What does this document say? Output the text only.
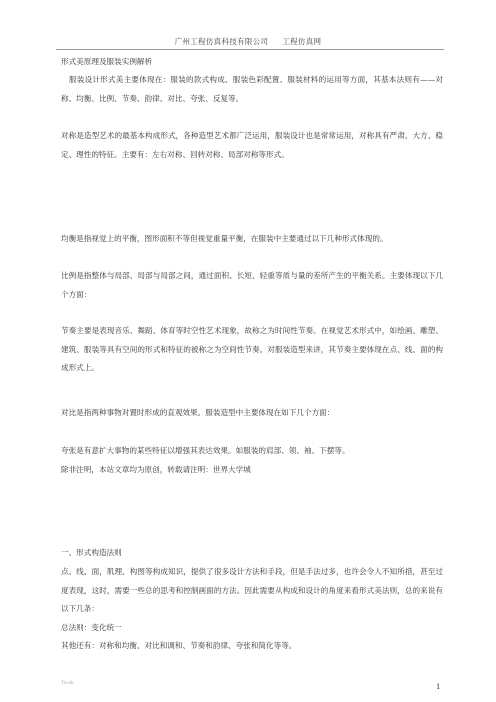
广州工程仿真科技有限公司 工程仿真网

形式美原理及服装实例解析

服装设计形式美主要体现在：服装的款式构成、服装色彩配置、服装材料的运用等方面，其基本法则有——对称、均衡、比例、节奏、韵律、对比、夸张、反复等。

对称是造型艺术的最基本构成形式，各种造型艺术都广泛运用，服装设计也是常常运用，对称具有严肃、大方、稳定、理性的特征。主要有：左右对称、回转对称、局部对称等形式。

均衡是指视觉上的平衡，图形面积不等但视觉重量平衡，在服装中主要通过以下几种形式体现的。

比例是指整体与局部、局部与局部之间，通过面积、长短、轻重等质与量的差所产生的平衡关系。主要体现以下几个方面：

节奏主要是表现音乐、舞蹈、体育等时空性艺术现象，故称之为时间性节奏。在视觉艺术形式中，如绘画、雕塑、建筑、服装等具有空间的形式和特征的被称之为空间性节奏。对服装造型来讲，其节奏主要体现在点、线、面的构成形式上。

对比是指两种事物对置时形成的直观效果。服装造型中主要体现在如下几个方面：

夸张是有意扩大事物的某些特征以增强其表达效果。如服装的肩部、领、袖、下摆等。

除非注明，本站文章均为原创，转载请注明：世界大学城

一、形式构造法则

点、线、面，肌理、构图等构成知识，提供了很多设计方法和手段，但是手法过多，也许会令人不知所措，甚至过度表现，这时，需要一些总的思考和控制画面的方法。因此需要从构成和设计的角度来看形式美法则，总的来说有以下几条：

总法则：变化统一

其他还有：对称和均衡、对比和调和、节奏和韵律、夸张和简化等等。

Ts:sk	1
